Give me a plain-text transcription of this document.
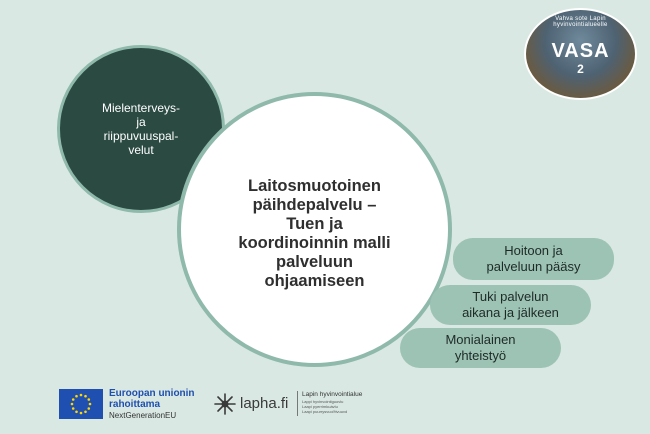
Mielenterveys-
ja
riippuvuuspal-
velut
Laitosmuotoinen
päihdepalvelu –
Tuen ja
koordinoinnin malli
palveluun
ohjaamiseen
Hoitoon ja
palveluun pääsy
Tuki palvelun
aikana ja jälkeen
Monialainen
yhteistyö
Vahva sote Lapin hyvinvointialueelle
VASA
2
Euroopan unionin
rahoittama
NextGenerationEU
lapha.fi
Lapin hyvinvointialue
Lappi hyvinvointiguovlu
Laapi pyerrimkuávlu
Laapi puurrysvuoi'ttvuuvd
